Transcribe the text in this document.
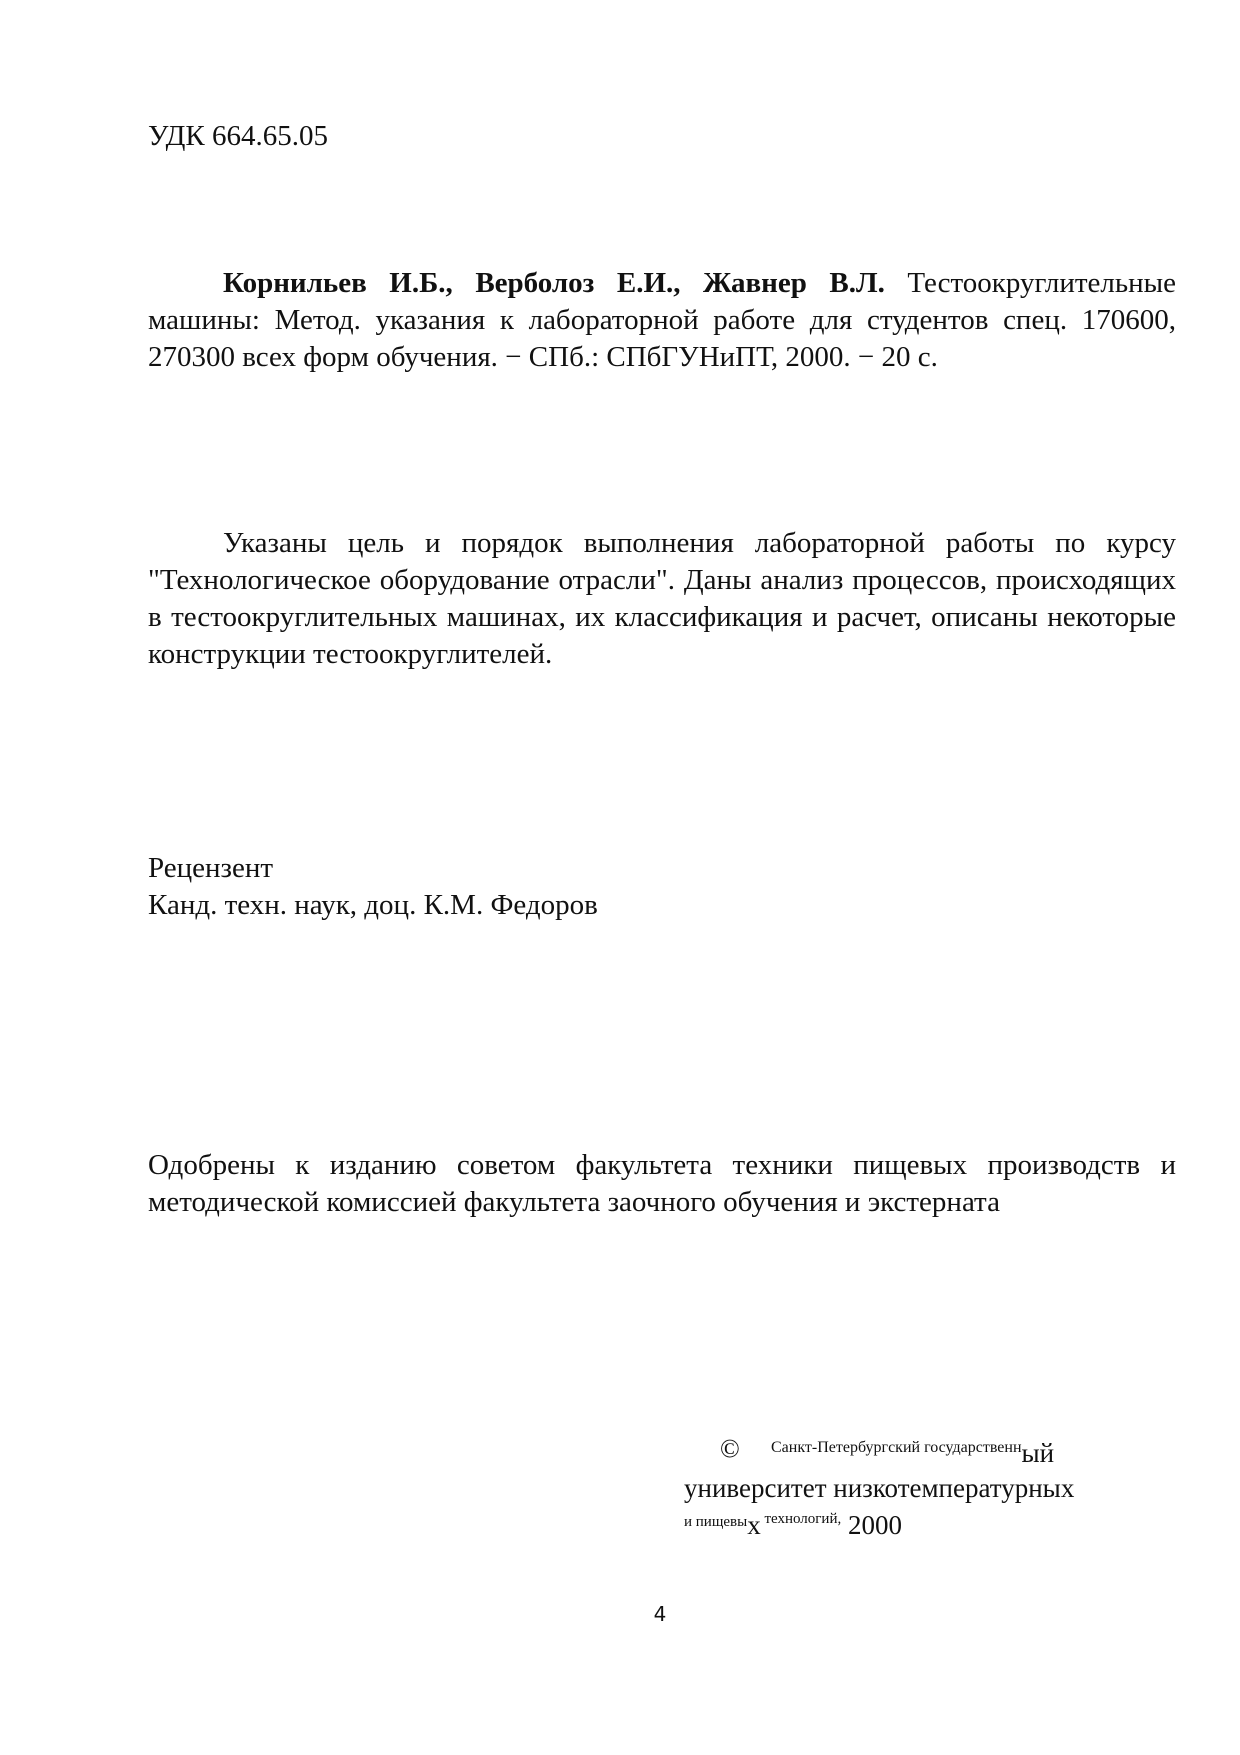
УДК 664.65.05
Корнильев И.Б., Верболоз Е.И., Жавнер В.Л. Тестоокруглительные машины: Метод. указания к лабораторной работе для студентов спец. 170600, 270300 всех форм обучения. − СПб.: СПбГУНиПТ, 2000. − 20 с.
Указаны цель и порядок выполнения лабораторной работы по курсу "Технологическое оборудование отрасли". Даны анализ процессов, происходящих в тестоокруглительных машинах, их классификация и расчет, описаны некоторые конструкции тестоокруглителей.
Рецензент
Канд. техн. наук, доц. К.М. Федоров
Одобрены к изданию советом факультета техники пищевых производств и методической комиссией факультета заочного обучения и экстерната
© Санкт-Петербургский государственный
университет низкотемпературных
$^{и пищевы}$х $^{технологий,}$ 2000
4
